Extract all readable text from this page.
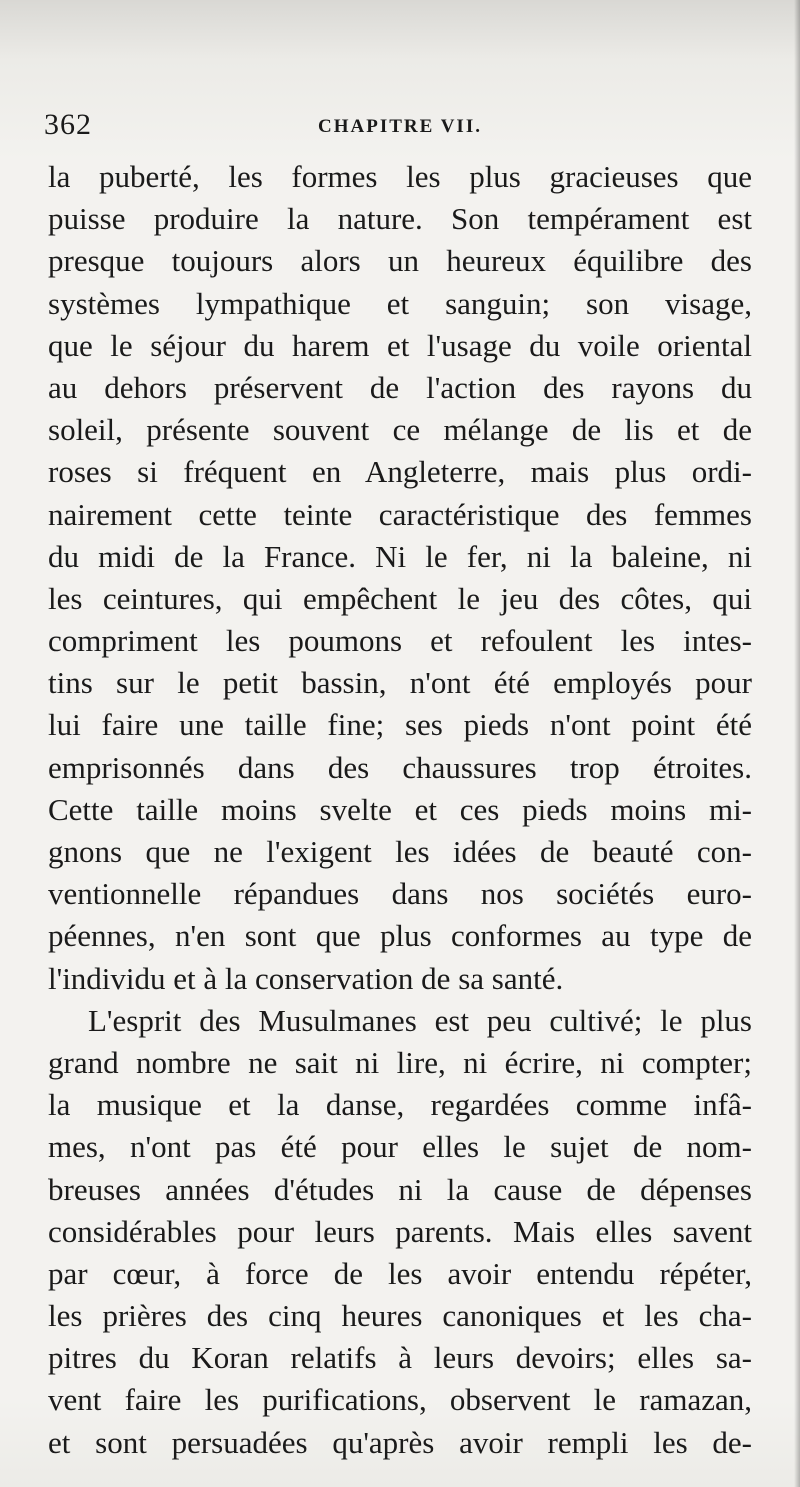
362	CHAPITRE VII.
la puberté, les formes les plus gracieuses que
puisse produire la nature. Son tempérament est
presque toujours alors un heureux équilibre des
systèmes lympathique et sanguin; son visage,
que le séjour du harem et l'usage du voile oriental
au dehors préservent de l'action des rayons du
soleil, présente souvent ce mélange de lis et de
roses si fréquent en Angleterre, mais plus ordi-
nairement cette teinte caractéristique des femmes
du midi de la France. Ni le fer, ni la baleine, ni
les ceintures, qui empêchent le jeu des côtes, qui
compriment les poumons et refoulent les intes-
tins sur le petit bassin, n'ont été employés pour
lui faire une taille fine; ses pieds n'ont point été
emprisonnés dans des chaussures trop étroites.
Cette taille moins svelte et ces pieds moins mi-
gnons que ne l'exigent les idées de beauté con-
ventionnelle répandues dans nos sociétés euro-
péennes, n'en sont que plus conformes au type de
l'individu et à la conservation de sa santé.
L'esprit des Musulmanes est peu cultivé; le plus
grand nombre ne sait ni lire, ni écrire, ni compter;
la musique et la danse, regardées comme infâ-
mes, n'ont pas été pour elles le sujet de nom-
breuses années d'études ni la cause de dépenses
considérables pour leurs parents. Mais elles savent
par cœur, à force de les avoir entendu répéter,
les prières des cinq heures canoniques et les cha-
pitres du Koran relatifs à leurs devoirs; elles sa-
vent faire les purifications, observent le ramazan,
et sont persuadées qu'après avoir rempli les de-
